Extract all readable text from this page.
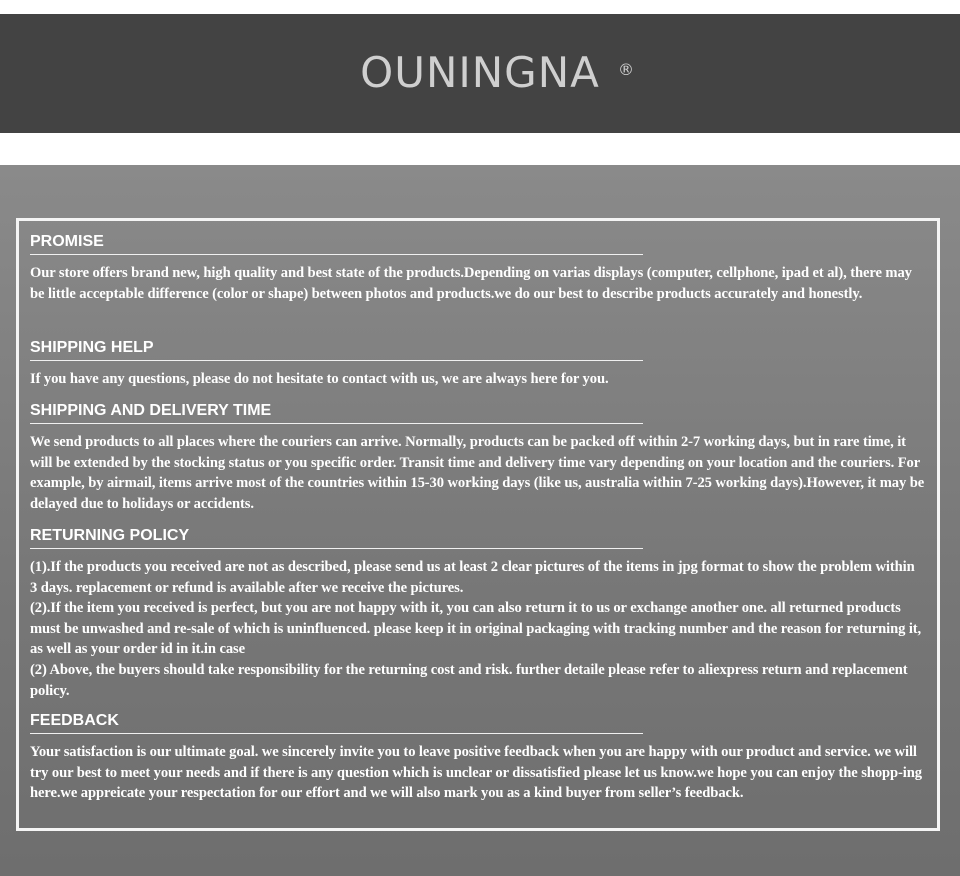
OUNINGNA	®
PROMISE

Our store offers brand new, high quality and best state of the products.Depending on varias displays (computer, cellphone, ipad et al), there may be little acceptable difference (color or shape) between photos and products.we do our best to describe products accurately and honestly.

SHIPPING HELP

If you have any questions, please do not hesitate to contact with us, we are always here for you.

SHIPPING AND DELIVERY TIME

We send products to all places where the couriers can arrive. Normally, products can be packed off within 2-7 working days, but in rare time, it will be extended by the stocking status or you specific order. Transit time and delivery time vary depending on your location and the couriers. For example, by airmail, items arrive most of the countries within 15-30 working days (like us, australia within 7-25 working days).However, it may be delayed due to holidays or accidents.

RETURNING POLICY

(1).If the products you received are not as described, please send us at least 2 clear pictures of the items in jpg format to show the problem within 3 days. replacement or refund is available after we receive the pictures.

(2).If the item you received is perfect, but you are not happy with it, you can also return it to us or exchange another one. all returned products must be unwashed and re-sale of which is uninfluenced. please keep it in original packaging with tracking number and the reason for returning it, as well as your order id in it.in case

(2) Above, the buyers should take responsibility for the returning cost and risk. further detaile please refer to aliexpress return and replacement policy.

FEEDBACK

Your satisfaction is our ultimate goal. we sincerely invite you to leave positive feedback when you are happy with our product and service. we will try our best to meet your needs and if there is any question which is unclear or dissatisfied please let us know.we hope you can enjoy the shopp-ing here.we appreicate your respectation for our effort and we will also mark you as a kind buyer from seller’s feedback.
